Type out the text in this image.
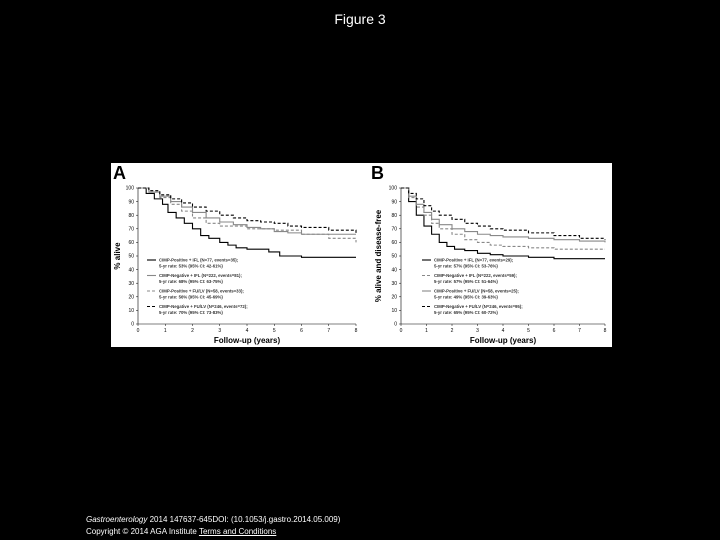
Figure 3
A
0
10
20
30
40
50
60
70
80
90
100
0	1	2	3	4	5	6	7	8
Follow-up (years)
% alive	CIMP-Positive + IFL (N=77, events=35);
5-yr rate: 53% (95% CI: 42-61%)
CIMP-Negative + IFL (N=222, events=81);
5-yr rate: 68% (95% CI: 63-75%)
CIMP-Positive + FU/LV (N=58, events=33);
5-yr rate: 56% (95% CI: 45-69%)
CIMP-Negative + FU/LV (N=246, events=72);
5-yr rate: 70% (95% CI: 73-83%)
B
0
10
20
30
40
50
60
70
80
90
100
0	1	2	3	4	5	6	7	8
Follow-up (years)
% alive and disease-free	CIMP-Positive + IFL (N=77, events=29);
5-yr rate: 57% (95% CI: 53-76%)
CIMP-Negative + IFL (N=222, events=59);
5-yr rate: 57% (95% CI: 51-64%)
CIMP-Positive + FU/LV (N=58, events=25);
5-yr rate: 49% (95% CI: 39-63%)
CIMP-Negative + FU/LV (N=246, events=95);
5-yr rate: 65% (95% CI: 60-72%)
Gastroenterology 2014 147637-645DOI: (10.1053/j.gastro.2014.05.009)
Copyright © 2014 AGA Institute Terms and Conditions
